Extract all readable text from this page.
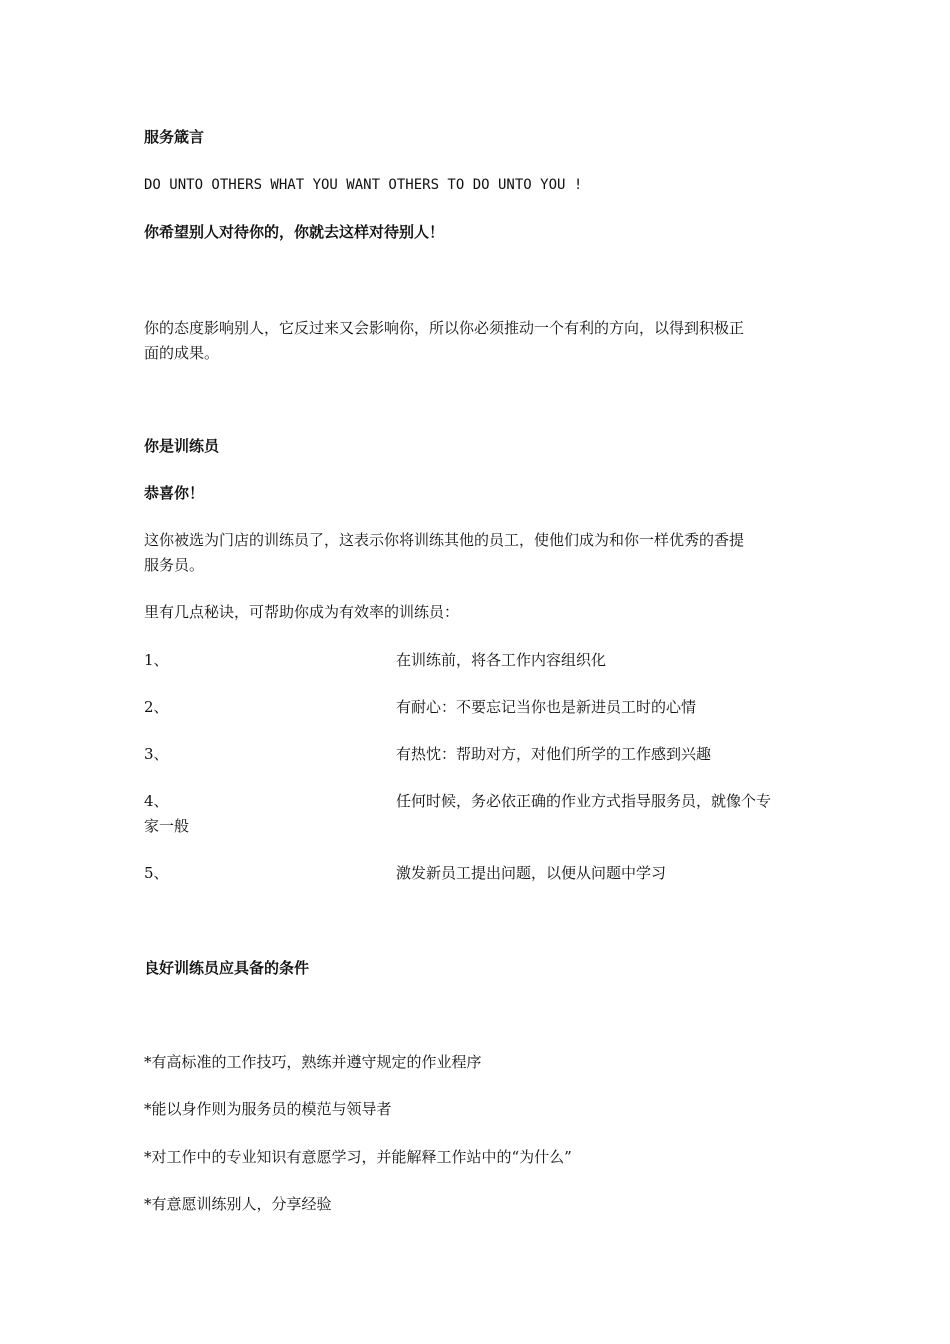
服务箴言
DO UNTO OTHERS WHAT YOU WANT OTHERS TO DO UNTO YOU !
你希望别人对待你的，你就去这样对待别人！
你的态度影响别人，它反过来又会影响你，所以你必须推动一个有利的方向，以得到积极正
面的成果。
你是训练员
恭喜你！
这你被选为门店的训练员了，这表示你将训练其他的员工，使他们成为和你一样优秀的香提
服务员。
里有几点秘诀，可帮助你成为有效率的训练员：
1、	在训练前，将各工作内容组织化
2、	有耐心：不要忘记当你也是新进员工时的心情
3、	有热忱：帮助对方，对他们所学的工作感到兴趣
4、	任何时候，务必依正确的作业方式指导服务员，就像个专
家一般
5、	激发新员工提出问题，以便从问题中学习
良好训练员应具备的条件
*有高标准的工作技巧，熟练并遵守规定的作业程序
*能以身作则为服务员的模范与领导者
*对工作中的专业知识有意愿学习，并能解释工作站中的“为什么”
*有意愿训练别人，分享经验
